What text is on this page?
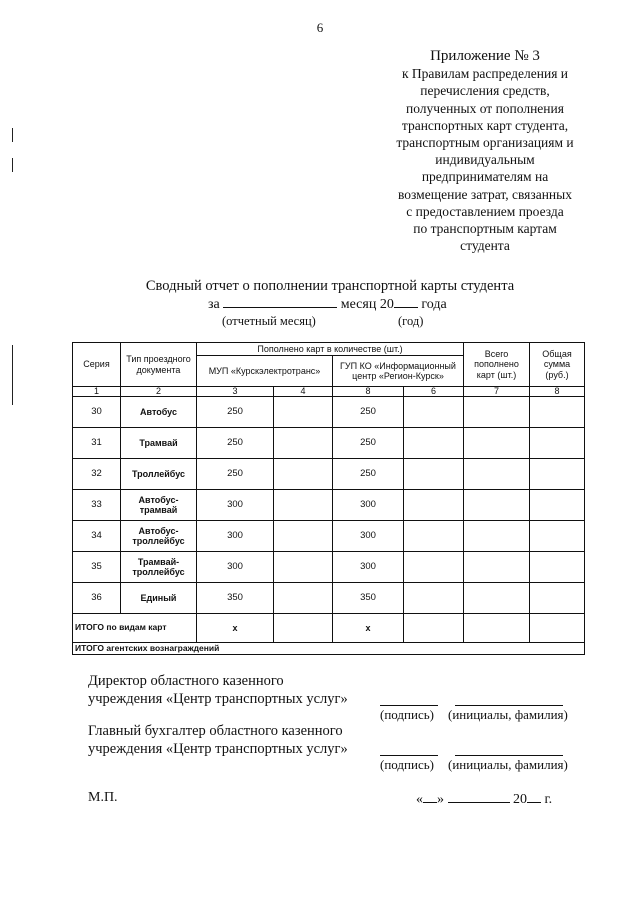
6
Приложение № 3
к Правилам распределения и
перечисления средств,
полученных от пополнения
транспортных карт студента,
транспортным организациям и
индивидуальным
предпринимателям на
возмещение затрат, связанных
с предоставлением проезда
по транспортным картам
студента
Сводный отчет о пополнении транспортной карты студента
за	месяц 20 года
(отчетный месяц)	(год)
Серия	Тип проездного документа	Пополнено карт в количестве (шт.)				Всего пополнено карт (шт.)	Общая сумма (руб.)
		МУП «Курскэлектротранс»		ГУП КО «Информационный центр «Регион-Курск»			
1	2	3	4	8	6	7	8
30	Автобус	250		250			
31	Трамвай	250		250			
32	Троллейбус	250		250			
33	Автобус-трамвай	300		300			
34	Автобус-троллейбус	300		300			
35	Трамвай-троллейбус	300		300			
36	Единый	350		350			
ИТОГО по видам карт		х		х			
ИТОГО агентских вознаграждений							
Директор областного казенного
учреждения «Центр транспортных услуг»
(подпись) (инициалы, фамилия)
Главный бухгалтер областного казенного
учреждения «Центр транспортных услуг»
(подпись) (инициалы, фамилия)
М.П.	« »	20 г.
